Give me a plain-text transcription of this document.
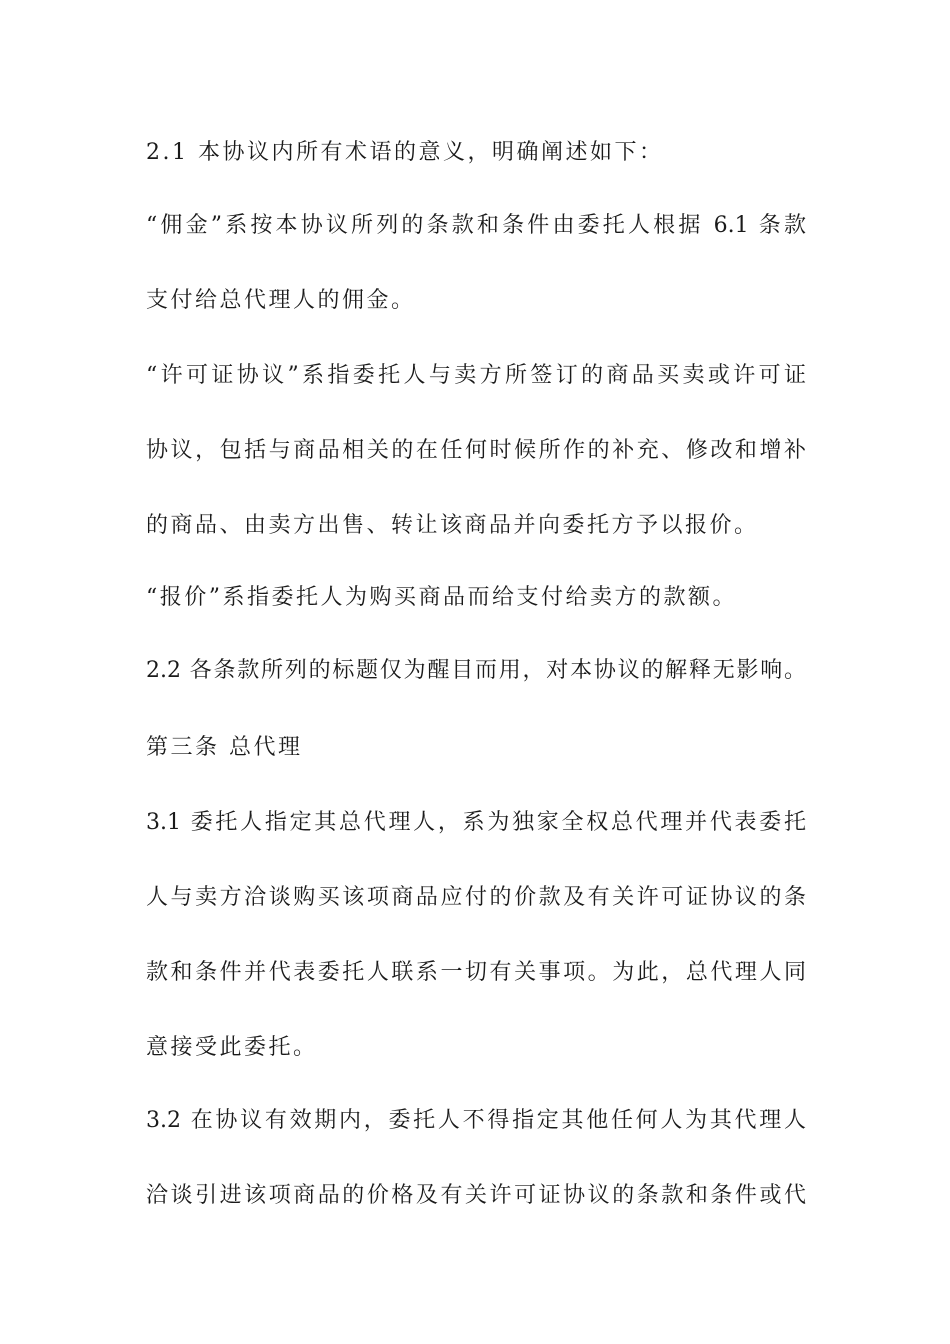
2.1 本协议内所有术语的意义，明确阐述如下：
“佣金”系按本协议所列的条款和条件由委托人根据 6.1 条款
支付给总代理人的佣金。
“许可证协议”系指委托人与卖方所签订的商品买卖或许可证
协议，包括与商品相关的在任何时候所作的补充、修改和增补
的商品、由卖方出售、转让该商品并向委托方予以报价。
“报价”系指委托人为购买商品而给支付给卖方的款额。
2.2 各条款所列的标题仅为醒目而用，对本协议的解释无影响。
第三条 总代理
3.1 委托人指定其总代理人，系为独家全权总代理并代表委托
人与卖方洽谈购买该项商品应付的价款及有关许可证协议的条
款和条件并代表委托人联系一切有关事项。为此，总代理人同
意接受此委托。
3.2 在协议有效期内，委托人不得指定其他任何人为其代理人
洽谈引进该项商品的价格及有关许可证协议的条款和条件或代
